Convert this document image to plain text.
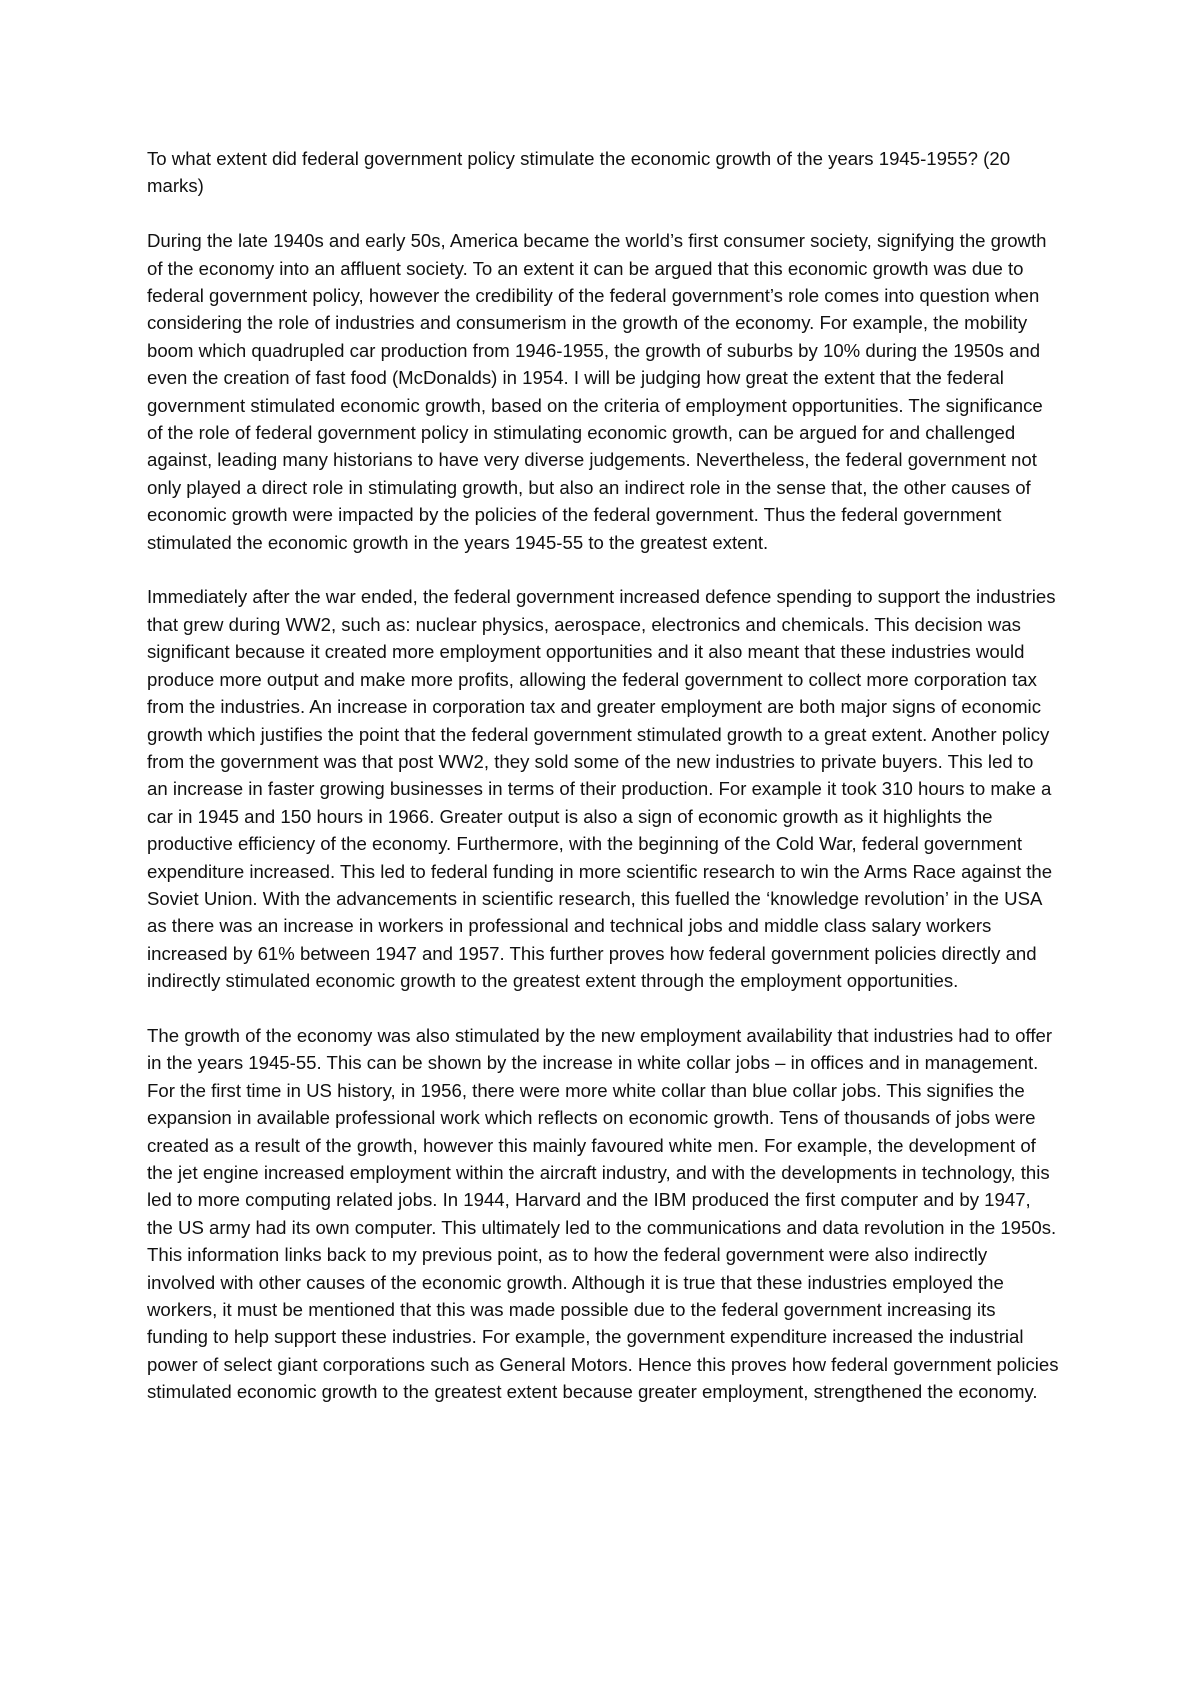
To what extent did federal government policy stimulate the economic growth of the years 1945-1955? (20 marks)

During the late 1940s and early 50s, America became the world’s first consumer society, signifying the growth of the economy into an affluent society. To an extent it can be argued that this economic growth was due to federal government policy, however the credibility of the federal government’s role comes into question when considering the role of industries and consumerism in the growth of the economy. For example, the mobility boom which quadrupled car production from 1946-1955, the growth of suburbs by 10% during the 1950s and even the creation of fast food (McDonalds) in 1954. I will be judging how great the extent that the federal government stimulated economic growth, based on the criteria of employment opportunities. The significance of the role of federal government policy in stimulating economic growth, can be argued for and challenged against, leading many historians to have very diverse judgements. Nevertheless, the federal government not only played a direct role in stimulating growth, but also an indirect role in the sense that, the other causes of economic growth were impacted by the policies of the federal government. Thus the federal government stimulated the economic growth in the years 1945-55 to the greatest extent.

Immediately after the war ended, the federal government increased defence spending to support the industries that grew during WW2, such as: nuclear physics, aerospace, electronics and chemicals. This decision was significant because it created more employment opportunities and it also meant that these industries would produce more output and make more profits, allowing the federal government to collect more corporation tax from the industries. An increase in corporation tax and greater employment are both major signs of economic growth which justifies the point that the federal government stimulated growth to a great extent. Another policy from the government was that post WW2, they sold some of the new industries to private buyers. This led to an increase in faster growing businesses in terms of their production. For example it took 310 hours to make a car in 1945 and 150 hours in 1966. Greater output is also a sign of economic growth as it highlights the productive efficiency of the economy. Furthermore, with the beginning of the Cold War, federal government expenditure increased. This led to federal funding in more scientific research to win the Arms Race against the Soviet Union. With the advancements in scientific research, this fuelled the ‘knowledge revolution’ in the USA as there was an increase in workers in professional and technical jobs and middle class salary workers increased by 61% between 1947 and 1957. This further proves how federal government policies directly and indirectly stimulated economic growth to the greatest extent through the employment opportunities.

The growth of the economy was also stimulated by the new employment availability that industries had to offer in the years 1945-55. This can be shown by the increase in white collar jobs – in offices and in management. For the first time in US history, in 1956, there were more white collar than blue collar jobs. This signifies the expansion in available professional work which reflects on economic growth. Tens of thousands of jobs were created as a result of the growth, however this mainly favoured white men. For example, the development of the jet engine increased employment within the aircraft industry, and with the developments in technology, this led to more computing related jobs. In 1944, Harvard and the IBM produced the first computer and by 1947, the US army had its own computer. This ultimately led to the communications and data revolution in the 1950s. This information links back to my previous point, as to how the federal government were also indirectly involved with other causes of the economic growth. Although it is true that these industries employed the workers, it must be mentioned that this was made possible due to the federal government increasing its funding to help support these industries. For example, the government expenditure increased the industrial power of select giant corporations such as General Motors. Hence this proves how federal government policies stimulated economic growth to the greatest extent because greater employment, strengthened the economy.
